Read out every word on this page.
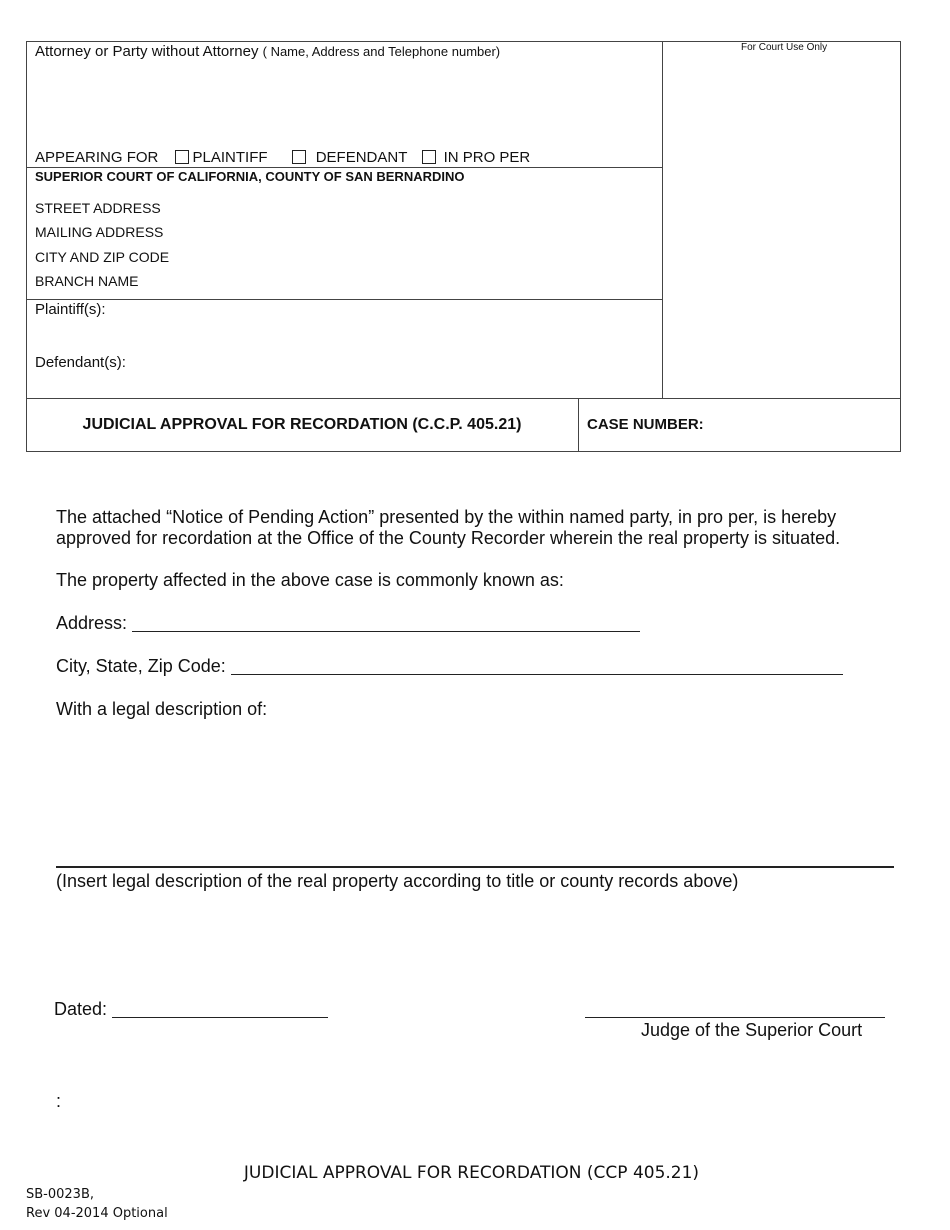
Attorney or Party without Attorney ( Name, Address and Telephone number)	For Court Use Only
APPEARING FOR PLAINTIFF	DEFENDANT IN PRO PER
SUPERIOR COURT OF CALIFORNIA, COUNTY OF SAN BERNARDINO
STREET ADDRESS
MAILING ADDRESS
CITY AND ZIP CODE
BRANCH NAME
Plaintiff(s):
Defendant(s):
JUDICIAL APPROVAL FOR RECORDATION (C.C.P. 405.21)	CASE NUMBER:
The attached “Notice of Pending Action” presented by the within named party, in pro per, is hereby approved for recordation at the Office of the County Recorder wherein the real property is situated.
The property affected in the above case is commonly known as:
Address:
City, State, Zip Code:
With a legal description of:
(Insert legal description of the real property according to title or county records above)
Dated:
Judge of the Superior Court
:
JUDICIAL APPROVAL FOR RECORDATION (CCP 405.21)
SB-0023B,
Rev 04-2014 Optional
